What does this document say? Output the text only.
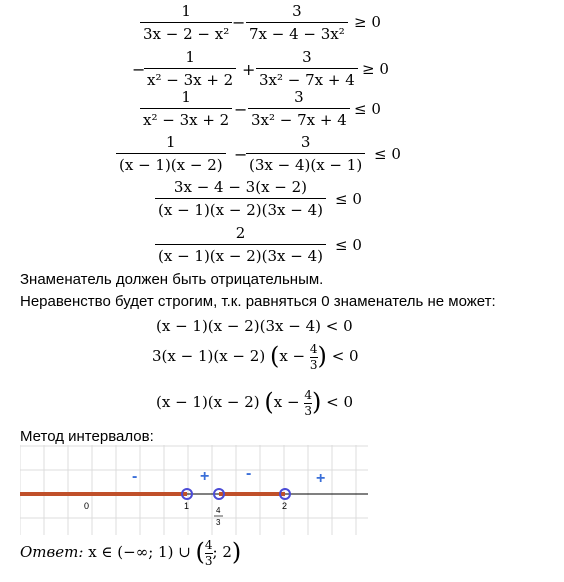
1
3x − 2 − x²
−
3
7x − 4 − 3x²
≥ 0
−
1
x² − 3x + 2
+
3
3x² − 7x + 4
≥ 0
1
x² − 3x + 2
−
3
3x² − 7x + 4
≤ 0
1
(x − 1)(x − 2)
−
3
(3x − 4)(x − 1)
≤ 0
3x − 4 − 3(x − 2)
(x − 1)(x − 2)(3x − 4)
≤ 0
2
(x − 1)(x − 2)(3x − 4)
≤ 0
Знаменатель должен быть отрицательным.
Неравенство будет строгим, т.к. равняться 0 знаменатель не может:
(x − 1)(x − 2)(3x − 4) < 0
3(x − 1)(x − 2) ($x - \frac{4}{3}$ ) < 0
(x − 1)(x − 2) ($x - \frac{4}{3}$ ) < 0
Метод интервалов:
-	+ -	+
0	1	4
3
2
Ответ: x ∈ (−∞; 1) ∪ ( $\frac{4}{3}$ ; 2)
